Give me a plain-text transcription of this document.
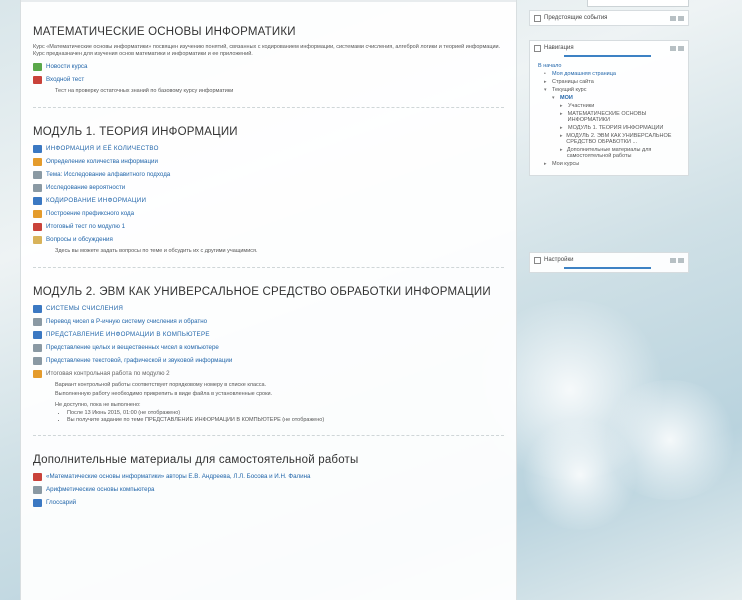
МАТЕМАТИЧЕСКИЕ ОСНОВЫ ИНФОРМАТИКИ
Курс «Математические основы информатики» посвящен изучению понятий, связанных с кодированием информации, системами счисления, алгеброй логики и теорией информации. Курс предназначен для изучения основ математики и информатики и ее приложений.
Новости курса
Входной тест
Тест на проверку остаточных знаний по базовому курсу информатики
МОДУЛЬ 1. ТЕОРИЯ ИНФОРМАЦИИ
ИНФОРМАЦИЯ И ЕЁ КОЛИЧЕСТВО
Определение количества информации
Тема: Исследование алфавитного подхода
Исследование вероятности
КОДИРОВАНИЕ ИНФОРМАЦИИ
Построение префиксного кода
Итоговый тест по модулю 1
Вопросы и обсуждения
Здесь вы можете задать вопросы по теме и обсудить их с другими учащимися.
МОДУЛЬ 2. ЭВМ КАК УНИВЕРСАЛЬНОЕ СРЕДСТВО ОБРАБОТКИ ИНФОРМАЦИИ
СИСТЕМЫ СЧИСЛЕНИЯ
Перевод чисел в P-ичную систему счисления и обратно
ПРЕДСТАВЛЕНИЕ ИНФОРМАЦИИ В КОМПЬЮТЕРЕ
Представление целых и вещественных чисел в компьютере
Представление текстовой, графической и звуковой информации
Итоговая контрольная работа по модулю 2
Вариант контрольной работы соответствует порядковому номеру в списке класса.
Выполненную работу необходимо прикрепить в виде файла в установленные сроки.
Не доступно, пока не выполнено:
• После 13 Июнь 2015, 01:00 (не отображено)
• Вы получите задание по теме ПРЕДСТАВЛЕНИЕ ИНФОРМАЦИИ В КОМПЬЮТЕРЕ (не отображено)
Дополнительные материалы для самостоятельной работы
«Математические основы информатики» авторы Е.В. Андреева, Л.Л. Босова и И.Н. Фалина
Арифметические основы компьютера
Глоссарий
Предстоящие события
Навигация
В начало
•	Моя домашняя страница
▸ Страницы сайта
▾ Текущий курс
▾ МОИ
▸ Участники
▸ МАТЕМАТИЧЕСКИЕ ОСНОВЫ ИНФОРМАТИКИ
▸ МОДУЛЬ 1. ТЕОРИЯ ИНФОРМАЦИИ
▸ МОДУЛЬ 2. ЭВМ КАК УНИВЕРСАЛЬНОЕ СРЕДСТВО ОБРАБОТКИ ...
▸ Дополнительные материалы для самостоятельной работы
▸ Мои курсы
Настройки
